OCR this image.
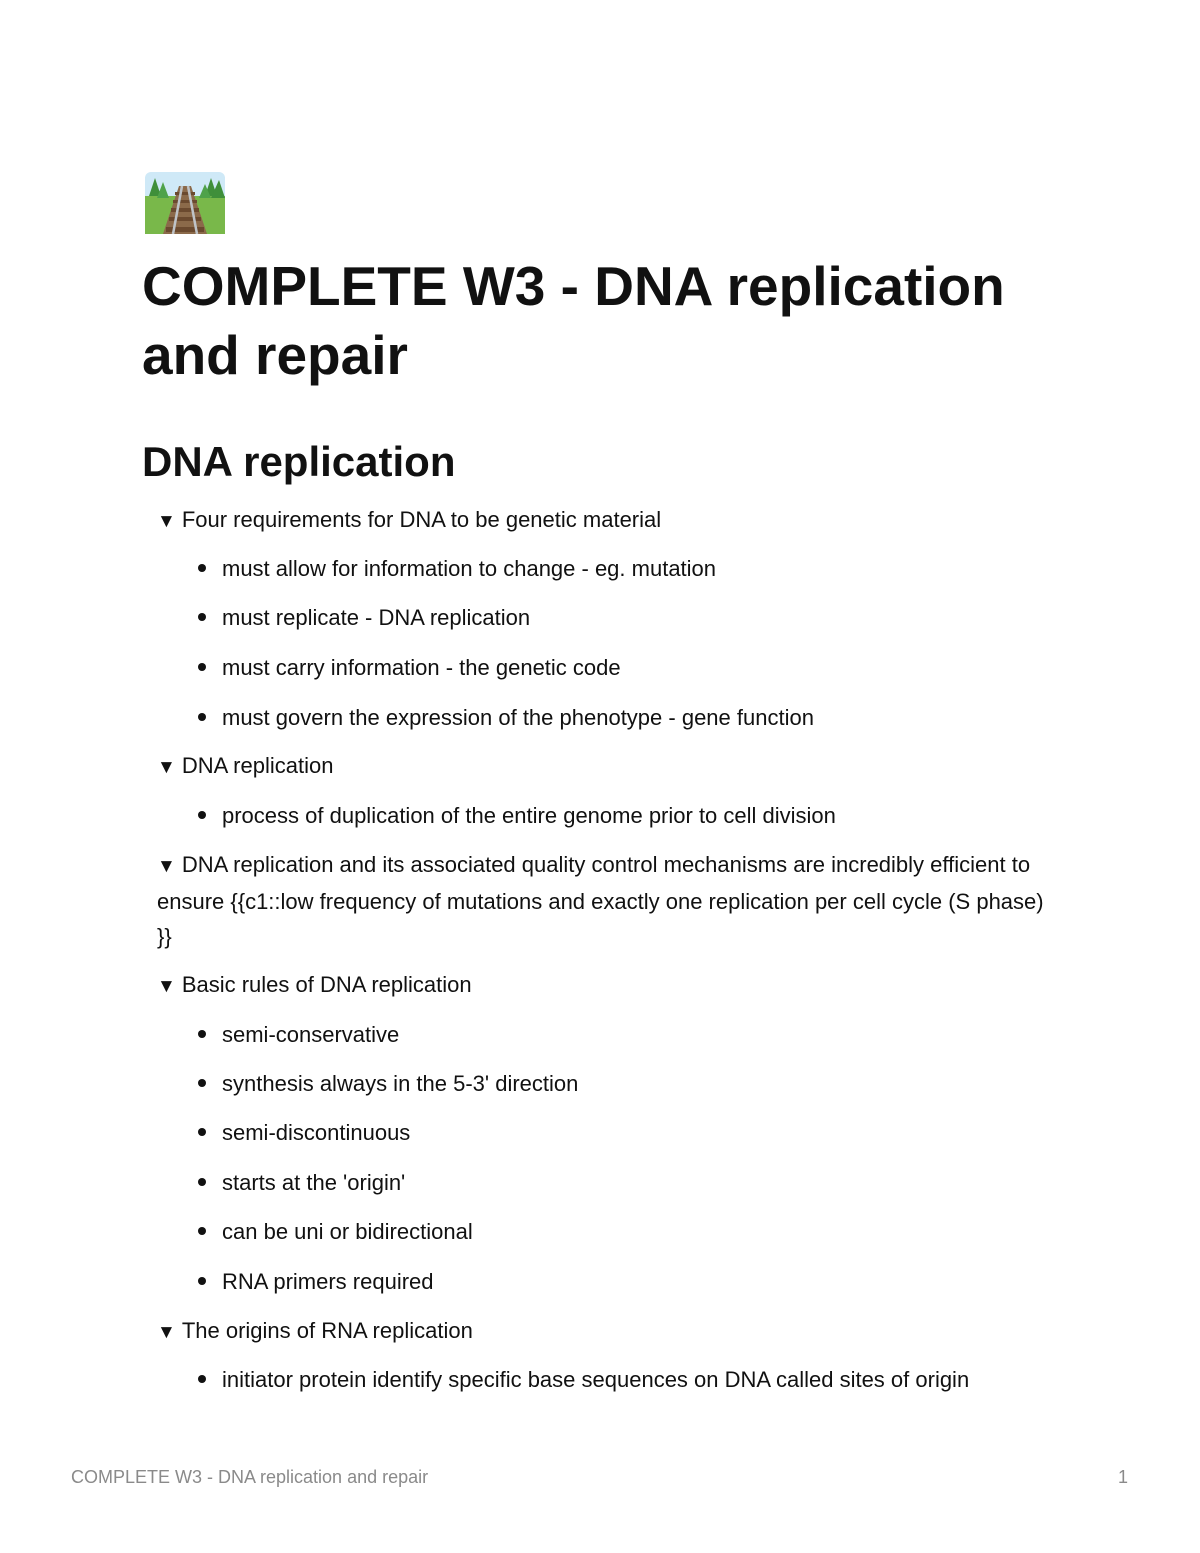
COMPLETE W3 - DNA replication and repair
DNA replication
▼ Four requirements for DNA to be genetic material
must allow for information to change - eg. mutation
must replicate - DNA replication
must carry information - the genetic code
must govern the expression of the phenotype - gene function
▼ DNA replication
process of duplication of the entire genome prior to cell division
▼ DNA replication and its associated quality control mechanisms are incredibly efficient to ensure {{c1::low frequency of mutations and exactly one replication per cell cycle (S phase) }}
▼ Basic rules of DNA replication
semi-conservative
synthesis always in the 5-3' direction
semi-discontinuous
starts at the 'origin'
can be uni or bidirectional
RNA primers required
▼ The origins of RNA replication
initiator protein identify specific base sequences on DNA called sites of origin
COMPLETE W3 - DNA replication and repair	1
